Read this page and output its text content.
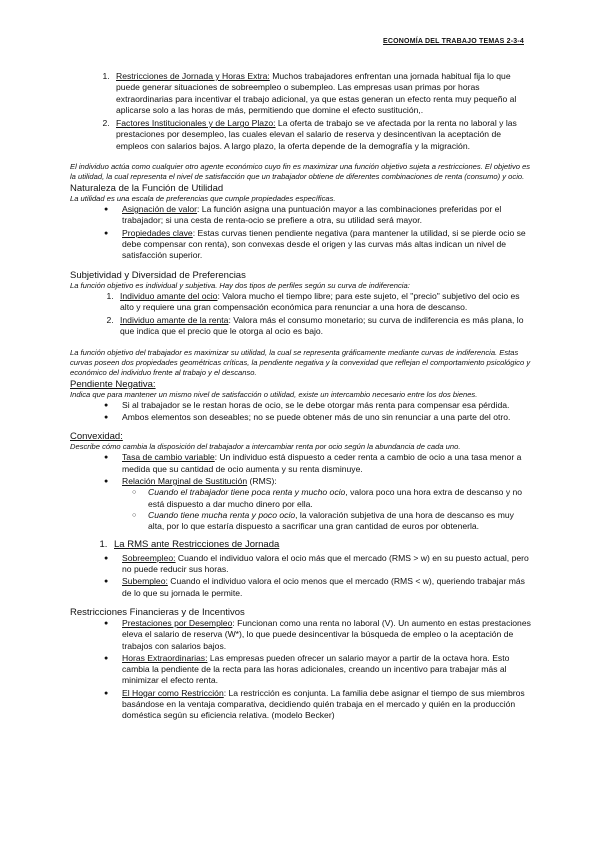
ECONOMÍA DEL TRABAJO TEMAS 2-3-4
1. Restricciones de Jornada y Horas Extra: Muchos trabajadores enfrentan una jornada habitual fija lo que puede generar situaciones de sobreempleo o subempleo. Las empresas usan primas por horas extraordinarias para incentivar el trabajo adicional, ya que estas generan un efecto renta muy pequeño al aplicarse solo a las horas de más, permitiendo que domine el efecto sustitución,.
2. Factores Institucionales y de Largo Plazo: La oferta de trabajo se ve afectada por la renta no laboral y las prestaciones por desempleo, las cuales elevan el salario de reserva y desincentivan la aceptación de empleos con salarios bajos. A largo plazo, la oferta depende de la demografía y la migración.
El individuo actúa como cualquier otro agente económico cuyo fin es maximizar una función objetivo sujeta a restricciones. El objetivo es la utilidad, la cual representa el nivel de satisfacción que un trabajador obtiene de diferentes combinaciones de renta (consumo) y ocio.
Naturaleza de la Función de Utilidad
La utilidad es una escala de preferencias que cumple propiedades específicas.
● Asignación de valor: La función asigna una puntuación mayor a las combinaciones preferidas por el trabajador; si una cesta de renta-ocio se prefiere a otra, su utilidad será mayor.
● Propiedades clave: Estas curvas tienen pendiente negativa (para mantener la utilidad, si se pierde ocio se debe compensar con renta), son convexas desde el origen y las curvas más altas indican un nivel de satisfacción superior.
Subjetividad y Diversidad de Preferencias
La función objetivo es individual y subjetiva. Hay dos tipos de perfiles según su curva de indiferencia:
1. Individuo amante del ocio: Valora mucho el tiempo libre; para este sujeto, el "precio" subjetivo del ocio es alto y requiere una gran compensación económica para renunciar a una hora de descanso.
2. Individuo amante de la renta: Valora más el consumo monetario; su curva de indiferencia es más plana, lo que indica que el precio que le otorga al ocio es bajo.
La función objetivo del trabajador es maximizar su utilidad, la cual se representa gráficamente mediante curvas de indiferencia. Estas curvas poseen dos propiedades geométricas críticas, la pendiente negativa y la convexidad que reflejan el comportamiento psicológico y económico del individuo frente al trabajo y el descanso.
Pendiente Negativa:
Indica que para mantener un mismo nivel de satisfacción o utilidad, existe un intercambio necesario entre los dos bienes.
● Si al trabajador se le restan horas de ocio, se le debe otorgar más renta para compensar esa pérdida.
● Ambos elementos son deseables; no se puede obtener más de uno sin renunciar a una parte del otro.
Convexidad:
Describe cómo cambia la disposición del trabajador a intercambiar renta por ocio según la abundancia de cada uno.
● Tasa de cambio variable: Un individuo está dispuesto a ceder renta a cambio de ocio a una tasa menor a medida que su cantidad de ocio aumenta y su renta disminuye.
● Relación Marginal de Sustitución (RMS):
○ Cuando el trabajador tiene poca renta y mucho ocio, valora poco una hora extra de descanso y no está dispuesto a dar mucho dinero por ella.
○ Cuando tiene mucha renta y poco ocio, la valoración subjetiva de una hora de descanso es muy alta, por lo que estaría dispuesto a sacrificar una gran cantidad de euros por obtenerla.
1. La RMS ante Restricciones de Jornada
● Sobreempleo: Cuando el individuo valora el ocio más que el mercado (RMS > w) en su puesto actual, pero no puede reducir sus horas.
● Subempleo: Cuando el individuo valora el ocio menos que el mercado (RMS < w), queriendo trabajar más de lo que su jornada le permite.
Restricciones Financieras y de Incentivos
● Prestaciones por Desempleo: Funcionan como una renta no laboral (V). Un aumento en estas prestaciones eleva el salario de reserva (W*), lo que puede desincentivar la búsqueda de empleo o la aceptación de trabajos con salarios bajos.
● Horas Extraordinarias: Las empresas pueden ofrecer un salario mayor a partir de la octava hora. Esto cambia la pendiente de la recta para las horas adicionales, creando un incentivo para trabajar más al minimizar el efecto renta.
● El Hogar como Restricción: La restricción es conjunta. La familia debe asignar el tiempo de sus miembros basándose en la ventaja comparativa, decidiendo quién trabaja en el mercado y quién en la producción doméstica según su eficiencia relativa. (modelo Becker)
